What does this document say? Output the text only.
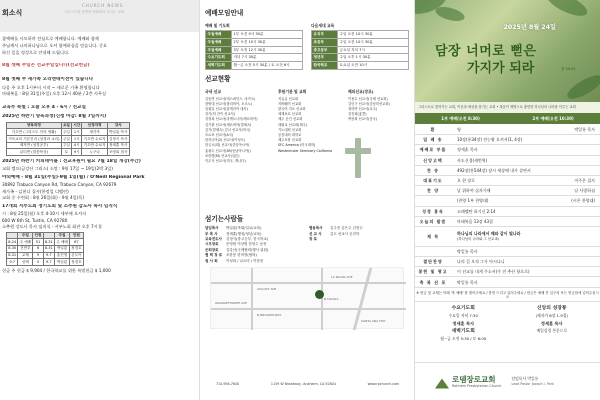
회소식
CHURCH NEWS
그리스도를 본받아 성화되어 나가는 교회

참예배를 사모하며 전심으로 예배합니다. 예배와 함께

주님께서 나의하나님으로 오셔 함께하심을 믿습니다. 중요

하신 일을 정성으로 안내해 드립니다.

8월 셋째 주일은 선교주일입니다(선교헌금)

8월 첫째 주 새가족 오리엔테이션이 있습니다

다음 주 오후 1시부터 시작 ~ 새로운 가족 환영합니다

마태복음 : 8월 31일(주일) 오후 12시 40분 / 2층 사무실

교육부 특별 : 오늘 오후 4 - 6시 / 친교실

2025년 하반기 양육과정(신청 마감: 8월 7일까지)

양육과정	요일	시간	선정자격	강사
기초반 (그리스도 인의 생활)	주일	1시	새가족	박일룡 목사
기독교의 기본진리 (성경과 교리)	주일	1시	기초반 수료자	김정식 목사
제자반 (성경공부)	주일	4시	기초반 수료자	정세훈 목사
큐티반 (말씀묵상)	토	9시	누구나	조영희 집사

2025년 하반기 커피테이블 : 선교후원이 필요 7월 18일 개강(주간)

교회 캠프(금강산 그러스) 소망 : 9월 17일 ~ 19일(2박 3일)

야외예배 - 8월 31일(주일)·9월 1일(월) / O'Neill Regional Park

30892 Trabuco Canyon Rd, Trabuco Canyon, CA 92679

새가족 - 김현디 집사(한정일 디벨린)

교회 중 수련회 : 8월 26일(화) - 9월 4일(목)

17개회 서부노회 정기노회 및 소추원 감도사 목사 임직식

시 : 8월 25일(월) 오후 4-10시 세부에 오셔서

600 W 6th St, Tustin, CA 92780

소추원 강도사 목사 임직식 - 서부노회 회관 오후 7시경

	주일	인원		주일	인원
8.24	주 예배	51	8.31	주 예배	67
8.30	전반부	6	8.31	박일룡	정경호
8.31	교제	9	9.7	홍진영	김도이
9.7	선택	5	9.7	박일룡	정경호

헌금 주 헌금 $ 9,904 / 한국학교를 위한 특별헌금 $ 1,000

예배모임안내
예배 및 기도회
주일예배	1부 오전 9시 30분
주일예배	2부 오전 10시 30분
주일예배	3부 오전 12시 30분
수요기도회	저녁 7시 30분
새벽기도회	월~금 오전 5시 30분 / 토 오전 6시
다음세대 교육
유치부	주일 오전 10시 30분
초등부	주일 오전 10시 30분
중고등부	금요일 저녁 7시
청년부	주일 오후 1시 30분
한국학교	토요일 오전 10시
선교현황
국내 선교
김동연 선교사(에스퍼넌스, 마카오)
한방대 선교사(볼리비아, 오르노)
임권일 선교사(불게리아 대사)
강가(허 간이 선교사)
강정희 선교사(마케도니아/세르비아)
김기원 선교사(세르비아(빌체츠)
김기(빌체츠) 김나 선교사(미국)
모로코 선교사(A국)
탄자니아(2) 선교사(이성도)
한금오(희) 선교사(중앙아시아)
홍광수 선교사(SR(동남아시아))
조한범(M) 선교사(일본)
이무식 선교사(미국, 캐나다)
후원기관 및 교회
지유유 선교회
지바웨이 선교회
한국어 지오 선교회
세계보호 선교회
제주 공인 선교회
대림교 선교회(제주)
기노대회 선교회
공감내의 대학교
제주포항 선교회
SFC America (미국대학)
Westminster Seminary California
해외선교(장로)
이용수 선교사(국제 선교회)
김인구 선교사(중남미선교회)
정하연 선교사(호주)
김진희(홍콩)
박찬희 선교사(중국)
섬기는사람들
담임목사	박일룡(목회/설교/교육)
부 목 사	정세훈(행정/청년/교육)
교육전도사	김정식(중고등부, 한국학교)
시무장로	문영원 이상범 한현수 동찬
은퇴장로	김갈산(국제협력/행사 위원)
협 력 장 로	조한봉 한미영(협력)
권 사 회	이성희 / 나오미 / 이한선
협동목사	김주진 김은주 김현주
선 교 사	김도 선교사 공진하
장 로
LA PALMA AVE
AUGUST AVE
N DAHLIA
ORANGETHORPE AVE
N BROOKHURST
SANTA ANA FWY
714-956-7640	1159 W Broadway, Anaheim, CA 92804	www.rpchurch.com
2025년 8월 24일
담장 너머로 뻗은
가지가 되라	창 49:22
그리스도로 빚어가는 교회, 이웃과 세상을 섬기는 교회 • 복음이 생명으로 충만한 하나님의 나라를 이루는 교회
1부 예배(오전 8:30)	2부 예배(오전 10:30)
환	영	박일룡 목사
입 례 송	10장(통34장) 전능왕 오셔서(1, 4장)
예배로 부름	정세훈 목사
신앙고백	사도신경(새번역)
찬 송	492장(통544장) 잠시 세상에 내가 살면서
대표기도	오 현 장로	이주은 집사
찬 양	날 위하여 십자가에	날 사랑하심
(찬양 1부 찬양대)	(시온 찬양대)
성경 봉독	고레벨탄 하기신 2:14
오늘의 말씀	마태복음 13장 43절
제 목
하나님의 나라에서 해와 같이 빛나라
(하나님의 나라와 그 선교 8)
박일룡 목사
결단찬양	나의 길 오직 그가 아시나니
봉헌 및 광고	이 선교를 내게 주소서(주 전 추산 항으로)
축 복 선 포	박일룡 목사
※ 헌금 및 교제는 아래 '축 예배' 를 찾아주세요 / 봉헌 드리고 입어주세요 / 헌금은 예배 전 입구의 또는 헌금함에 넣어주십시오
수요기도회
수요일 저녁 7:30
정세훈 목사
새벽기도회
월~금 오전 5:30 / 토 6:00
신앙의 성장통
(제자가 8장 1-9절)
정세훈 목사
매일성경 본문으로
로뎀장로교회
Rehhem Presbyterian Church
담임목사 박일룡
Lead Pastor Joseph I. Park
